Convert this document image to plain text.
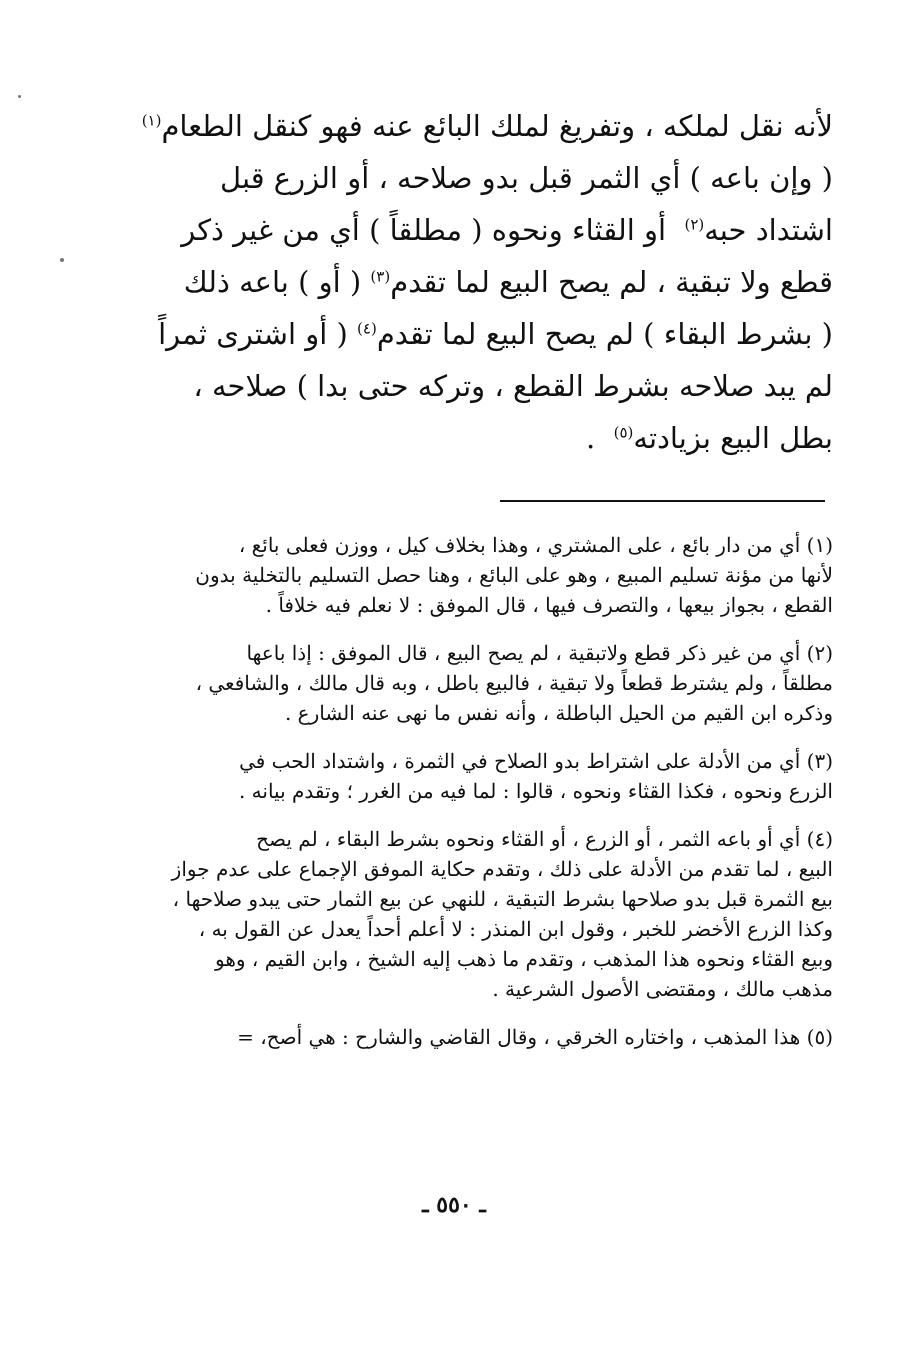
لأنه نقل لملكه ، وتفريغ لملك البائع عنه فهو كنقل الطعام$^{(١)}$
( وإن باعه ) أي الثمر قبل بدو صلاحه ، أو الزرع قبل
اشتداد حبه$^{(٢)}$  أو القثاء ونحوه ( مطلقاً ) أي من غير ذكر
قطع ولا تبقية ، لم يصح البيع لما تقدم$^{(٣)}$ ( أو ) باعه ذلك
( بشرط البقاء ) لم يصح البيع لما تقدم$^{(٤)}$ ( أو اشترى ثمراً
لم يبد صلاحه بشرط القطع ، وتركه حتى بدا ) صلاحه ،
بطل البيع بزيادته$^{(٥)}$  .
(١) أي من دار بائع ، على المشتري ، وهذا بخلاف كيل ، ووزن فعلى بائع ،
لأنها من مؤنة تسليم المبيع ، وهو على البائع ، وهنا حصل التسليم بالتخلية بدون
القطع ، بجواز بيعها ، والتصرف فيها ، قال الموفق : لا نعلم فيه خلافاً .
(٢) أي من غير ذكر قطع ولاتبقية ، لم يصح البيع ، قال الموفق : إذا باعها
مطلقاً ، ولم يشترط قطعاً ولا تبقية ، فالبيع باطل ، وبه قال مالك ، والشافعي ،
وذكره ابن القيم من الحيل الباطلة ، وأنه نفس ما نهى عنه الشارع .
(٣) أي من الأدلة على اشتراط بدو الصلاح في الثمرة ، واشتداد الحب في
الزرع ونحوه ، فكذا القثاء ونحوه ، قالوا : لما فيه من الغرر ؛ وتقدم بيانه .
(٤) أي أو باعه الثمر ، أو الزرع ، أو القثاء ونحوه بشرط البقاء ، لم يصح
البيع ، لما تقدم من الأدلة على ذلك ، وتقدم حكاية الموفق الإجماع على عدم جواز
بيع الثمرة قبل بدو صلاحها بشرط التبقية ، للنهي عن بيع الثمار حتى يبدو صلاحها ،
وكذا الزرع الأخضر للخبر ، وقول ابن المنذر : لا أعلم أحداً يعدل عن القول به ،
وبيع القثاء ونحوه هذا المذهب ، وتقدم ما ذهب إليه الشيخ ، وابن القيم ، وهو
مذهب مالك ، ومقتضى الأصول الشرعية .
(٥) هذا المذهب ، واختاره الخرقي ، وقال القاضي والشارح : هي أصح، =
ـ ٥٥٠ ـ
